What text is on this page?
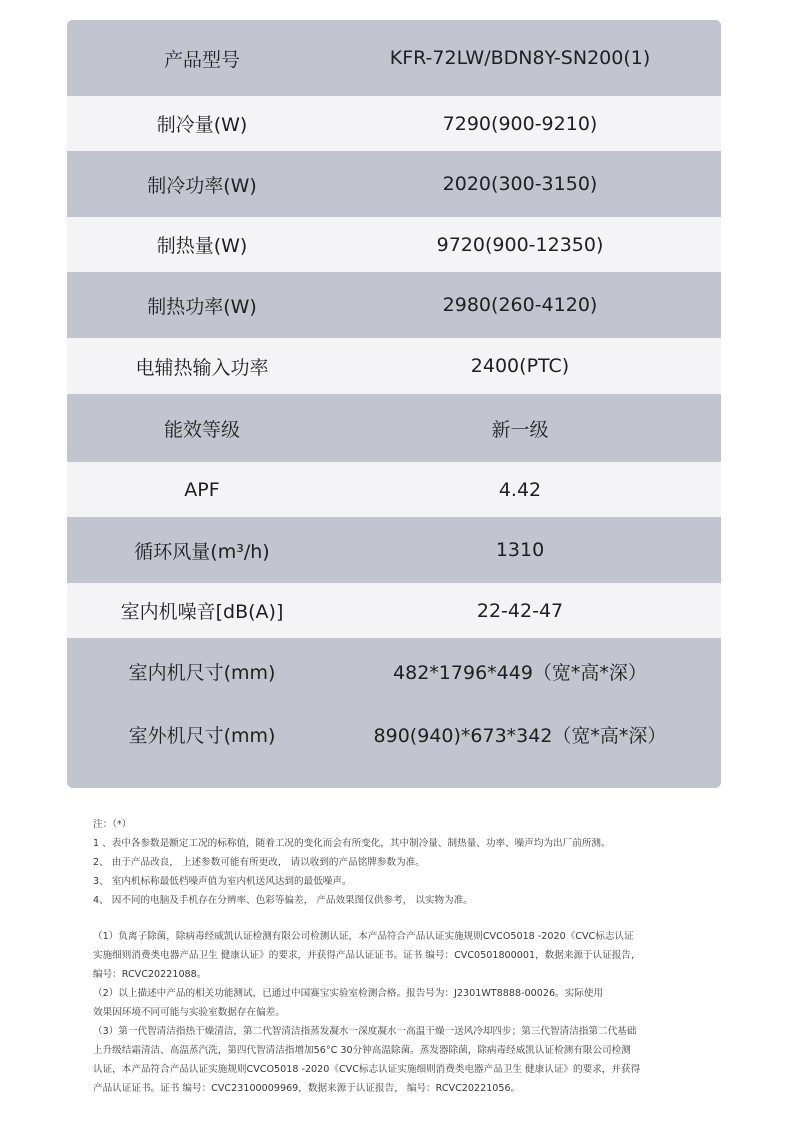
产品型号	KFR-72LW/BDN8Y-SN200(1)
制冷量(W)	7290(900-9210)
制冷功率(W)	2020(300-3150)
制热量(W)	9720(900-12350)
制热功率(W)	2980(260-4120)
电辅热输入功率	2400(PTC)
能效等级	新一级
APF	4.42
循环风量(m³/h)	1310
室内机噪音[dB(A)]	22-42-47
室内机尺寸(mm)	482*1796*449（宽*高*深）
室外机尺寸(mm)	890(940)*673*342（宽*高*深）

注：（*）

1 、表中各参数是额定工况的标称值，随着工况的变化而会有所变化，其中制冷量、制热量、功率、噪声均为出厂前所测。

2、 由于产品改良， 上述参数可能有所更改， 请以收到的产品铭牌参数为准。

3、 室内机标称最低档噪声值为室内机送风达到的最低噪声。

4、 因不同的电脑及手机存在分辨率、色彩等偏差， 产品效果图仅供参考， 以实物为准。

（1）负离子除菌，除病毒经威凯认证检测有限公司检测认证，本产品符合产品认证实施规则CVCO5018 -2020《CVC标志认证

实施细则消费类电器产品卫生 健康认证》的要求，并获得产品认证证书。证书 编号：CVC0501800001，数据来源于认证报告，

编号：RCVC20221088。

（2）以上描述中产品的相关功能测试，已通过中国赛宝实验室检测合格。报告号为：J2301WT8888-00026。实际使用

效果因环境不同可能与实验室数据存在偏差。

（3）第一代智清洁指热干燥清洁，第二代智清洁指蒸发凝水一深度凝水一高温干燥一送风冷却四步；第三代智清洁指第二代基础

上升级结霜清洁、高温蒸汽洗，第四代智清洁指增加56°C 30分钟高温除菌。蒸发器除菌，除病毒经威凯认证检测有限公司检测

认证，本产品符合产品认证实施规则CVCO5018 -2020《CVC标志认证实施细则消费类电器产品卫生 健康认证》的要求，并获得

产品认证证书。证书 编号：CVC23100009969，数据来源于认证报告， 编号：RCVC20221056。
